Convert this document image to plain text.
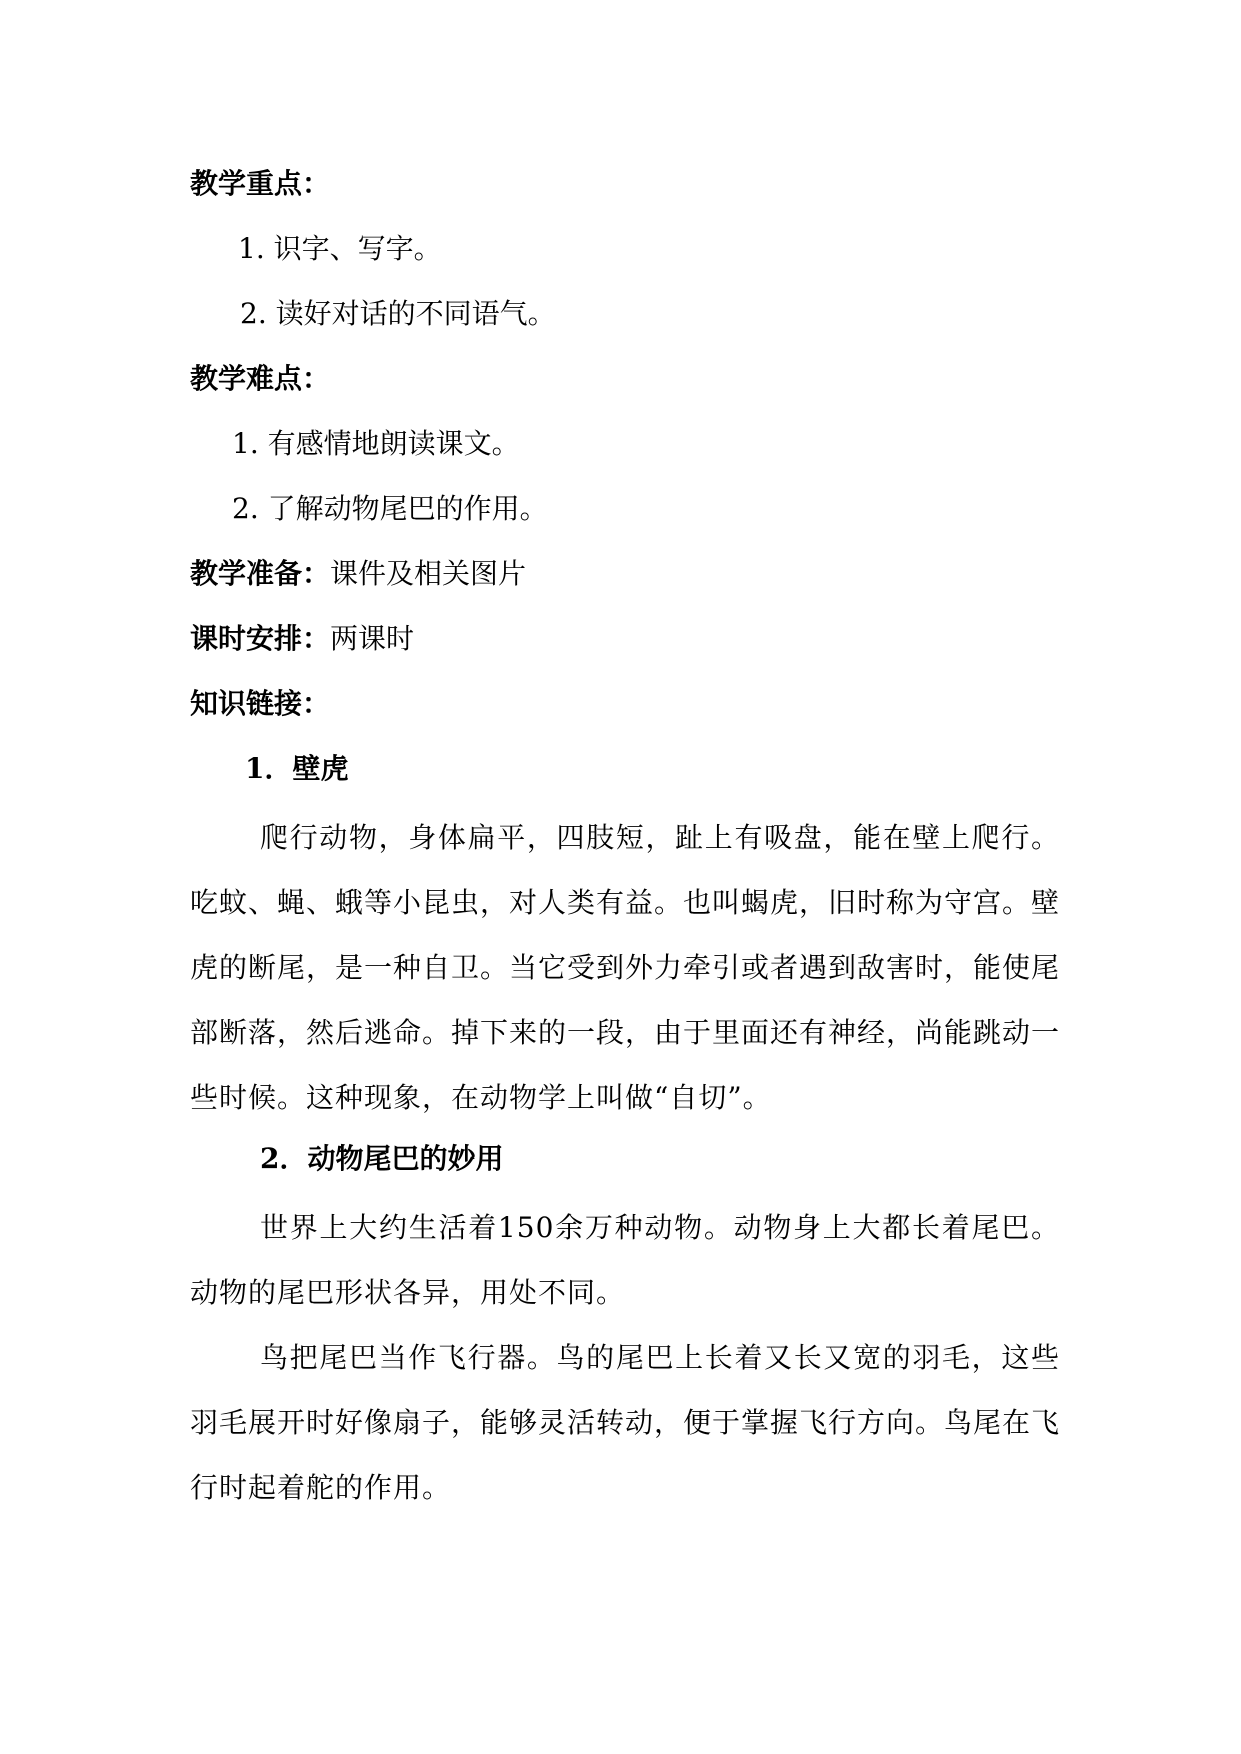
教学重点：
1. 识字、写字。
2. 读好对话的不同语气。
教学难点：
1. 有感情地朗读课文。
2. 了解动物尾巴的作用。
教学准备：课件及相关图片
课时安排：两课时
知识链接：
1．壁虎
爬行动物，身体扁平，四肢短，趾上有吸盘，能在壁上爬行。吃蚊、蝇、蛾等小昆虫，对人类有益。也叫蝎虎，旧时称为守宫。壁虎的断尾，是一种自卫。当它受到外力牵引或者遇到敌害时，能使尾部断落，然后逃命。掉下来的一段，由于里面还有神经，尚能跳动一些时候。这种现象，在动物学上叫做“自切”。
2．动物尾巴的妙用
世界上大约生活着150余万种动物。动物身上大都长着尾巴。动物的尾巴形状各异，用处不同。
鸟把尾巴当作飞行器。鸟的尾巴上长着又长又宽的羽毛，这些羽毛展开时好像扇子，能够灵活转动，便于掌握飞行方向。鸟尾在飞行时起着舵的作用。
